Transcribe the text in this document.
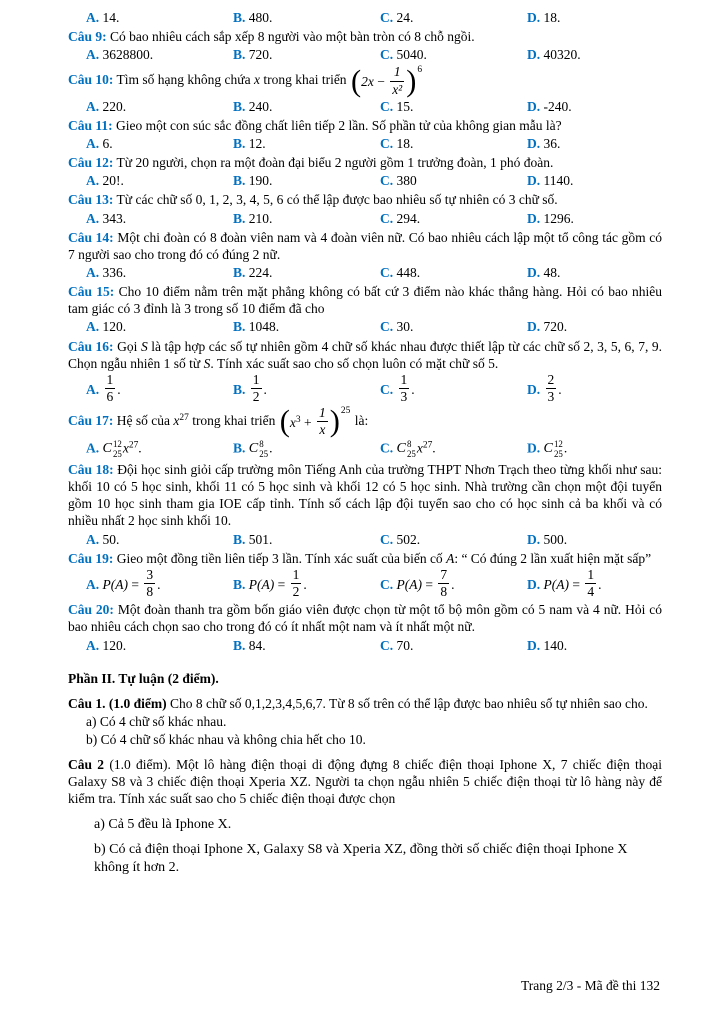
A. 14.	B. 480.	C. 24.	D. 18.
Câu 9: Có bao nhiêu cách sắp xếp 8 người vào một bàn tròn có 8 chỗ ngồi.
A. 3628800.	B. 720.	C. 5040.	D. 40320.
Câu 10: Tìm số hạng không chứa x trong khai triển ( $2x - \frac{1}{\text{x²}}$ ) 6
A. 220.	B. 240.	C. 15.	D. -240.
Câu 11: Gieo một con súc sắc đồng chất liên tiếp 2 lần. Số phần tử của không gian mẫu là?
A. 6.	B. 12.	C. 18.	D. 36.
Câu 12: Từ 20 người, chọn ra một đoàn đại biểu 2 người gồm 1 trưởng đoàn, 1 phó đoàn.
A. 20!.	B. 190.	C. 380	D. 1140.
Câu 13: Từ các chữ số 0, 1, 2, 3, 4, 5, 6 có thể lập được bao nhiêu số tự nhiên có 3 chữ số.
A. 343.	B. 210.	C. 294.	D. 1296.
Câu 14: Một chi đoàn có 8 đoàn viên nam và 4 đoàn viên nữ. Có bao nhiêu cách lập một tổ công tác gồm có 7 người sao cho trong đó có đúng 2 nữ.
A. 336.	B. 224.	C. 448.	D. 48.
Câu 15: Cho 10 điểm nằm trên mặt phẳng không có bất cứ 3 điểm nào khác thẳng hàng. Hỏi có bao nhiêu tam giác có 3 đỉnh là 3 trong số 10 điểm đã cho
A. 120.	B. 1048.	C. 30.	D. 720.
Câu 16: Gọi S là tập hợp các số tự nhiên gồm 4 chữ số khác nhau được thiết lập từ các chữ số 2, 3, 5, 6, 7, 9. Chọn ngẫu nhiên 1 số từ S. Tính xác suất sao cho số chọn luôn có mặt chữ số 5.
A. $\frac{1}{6}$ .	B. $\frac{1}{2}$ .	C. $\frac{1}{3}$ .	D. $\frac{2}{3}$ .
Câu 17: Hệ số của $x^{27}$ trong khai triển ( $x^3 + \frac{1}{x}$ ) 25
là:
A. C 12
25 $x^{27}$.	B. C 8
25 .	C. C 8
25 $x^{27}$.	D. C 12
25 .
Câu 18: Đội học sinh giỏi cấp trường môn Tiếng Anh của trường THPT Nhơn Trạch theo từng khối như sau: khối 10 có 5 học sinh, khối 11 có 5 học sinh và khối 12 có 5 học sinh. Nhà trường cần chọn một đội tuyển gồm 10 học sinh tham gia IOE cấp tỉnh. Tính số cách lập đội tuyển sao cho có học sinh cả ba khối và có nhiều nhất 2 học sinh khối 10.
A. 50.	B. 501.	C. 502.	D. 500.
Câu 19: Gieo một đồng tiền liên tiếp 3 lần. Tính xác suất của biến cố A: “ Có đúng 2 lần xuất hiện mặt sấp”
A. $P(A) = \frac{3}{8}$ .	B. $P(A) = \frac{1}{2}$ .	C. $P(A) = \frac{7}{8}$ .	D. $P(A) = \frac{1}{4}$ .
Câu 20: Một đoàn thanh tra gồm bốn giáo viên được chọn từ một tổ bộ môn gồm có 5 nam và 4 nữ. Hỏi có bao nhiêu cách chọn sao cho trong đó có ít nhất một nam và ít nhất một nữ.
A. 120.	B. 84.	C. 70.	D. 140.
Phần II. Tự luận (2 điểm).
Câu 1. (1.0 điểm) Cho 8 chữ số 0,1,2,3,4,5,6,7. Từ 8 số trên có thể lập được bao nhiêu số tự nhiên sao cho.
a) Có 4 chữ số khác nhau.
b) Có 4 chữ số khác nhau và không chia hết cho 10.
Câu 2 (1.0 điểm). Một lô hàng điện thoại di động đựng 8 chiếc điện thoại Iphone X, 7 chiếc điện thoại Galaxy S8 và 3 chiếc điện thoại Xperia XZ. Người ta chọn ngẫu nhiên 5 chiếc điện thoại từ lô hàng này để kiểm tra. Tính xác suất sao cho 5 chiếc điện thoại được chọn
a) Cả 5 đều là Iphone X.
b) Có cả điện thoại Iphone X, Galaxy S8 và Xperia XZ, đồng thời số chiếc điện thoại Iphone X không ít hơn 2.
Trang 2/3 - Mã đề thi 132
